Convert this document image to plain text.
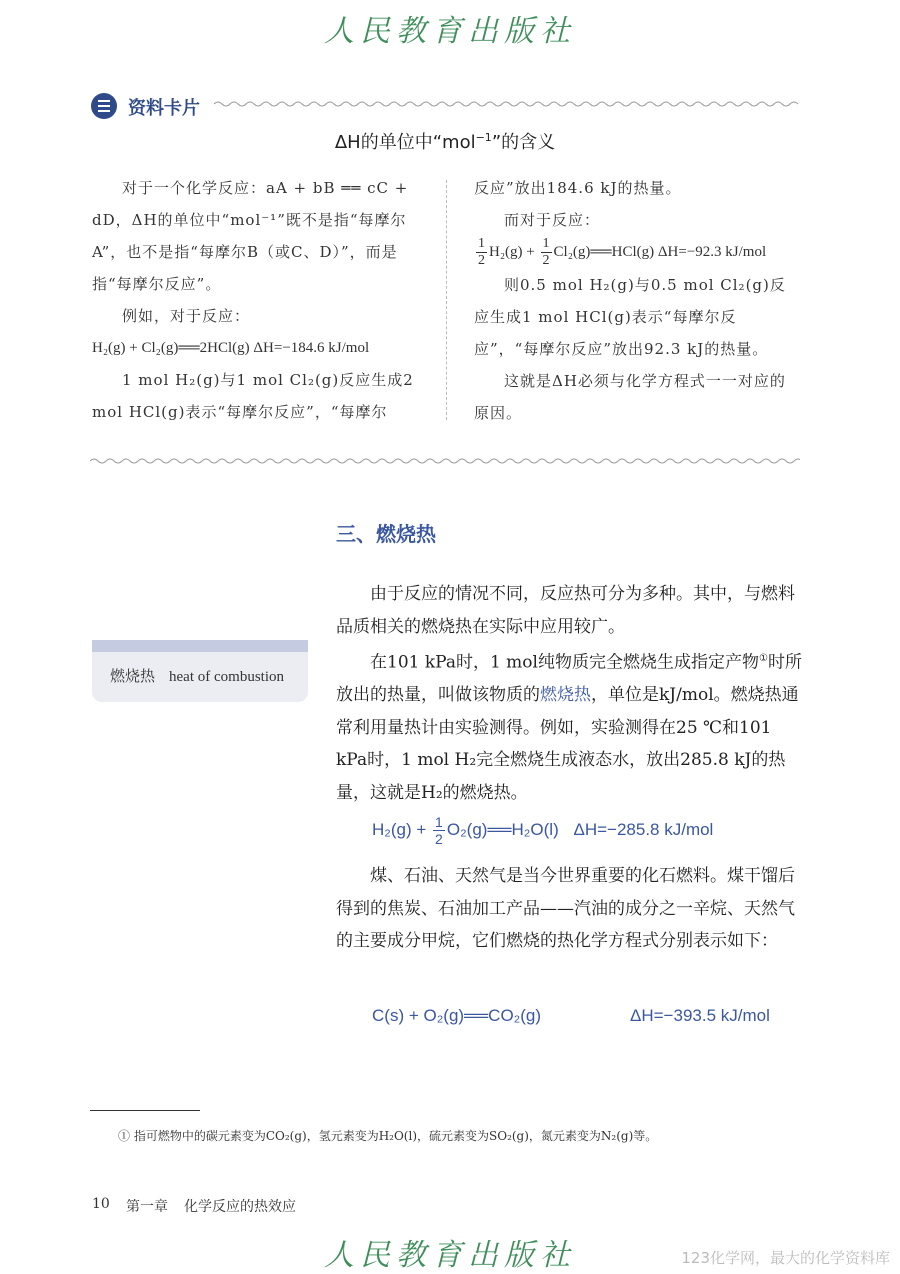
人民教育出版社
资料卡片
ΔH的单位中“mol$^{-1}$”的含义

对于一个化学反应：aA + bB ══ cC + dD，ΔH的单位中“mol⁻¹”既不是指“每摩尔A”，也不是指“每摩尔B（或C、D）”，而是指“每摩尔反应”。

例如，对于反应：

H₂(g) + Cl₂(g)══2HCl(g) ΔH=−184.6 kJ/mol

1 mol H₂(g)与1 mol Cl₂(g)反应生成2 mol HCl(g)表示“每摩尔反应”，“每摩尔

反应”放出184.6 kJ的热量。

而对于反应：

$\frac{1}{2} H_2(g) + \frac{1}{2}$ Cl₂(g)══HCl(g) ΔH=−92.3 kJ/mol

则0.5 mol H₂(g)与0.5 mol Cl₂(g)反应生成1 mol HCl(g)表示“每摩尔反应”，“每摩尔反应”放出92.3 kJ的热量。

这就是ΔH必须与化学方程式一一对应的原因。

三、燃烧热
燃烧热 heat of combustion

由于反应的情况不同，反应热可分为多种。其中，与燃料品质相关的燃烧热在实际中应用较广。

在101 kPa时，1 mol纯物质完全燃烧生成指定产物①时所放出的热量，叫做该物质的燃烧热，单位是kJ/mol。燃烧热通常利用量热计由实验测得。例如，实验测得在25 ℃和101 kPa时，1 mol H₂完全燃烧生成液态水，放出285.8 kJ的热量，这就是H₂的燃烧热。

$H_2(g) + \frac{1}{2}$ O₂(g)══H₂O(l) ΔH=−285.8 kJ/mol

煤、石油、天然气是当今世界重要的化石燃料。煤干馏后得到的焦炭、石油加工产品——汽油的成分之一辛烷、天然气的主要成分甲烷，它们燃烧的热化学方程式分别表示如下：

C(s) + O₂(g)══CO₂(g)	ΔH=−393.5 kJ/mol
① 指可燃物中的碳元素变为CO₂(g)，氢元素变为H₂O(l)，硫元素变为SO₂(g)，氮元素变为N₂(g)等。
10 第一章 化学反应的热效应
人民教育出版社	123化学网，最大的化学资料库
